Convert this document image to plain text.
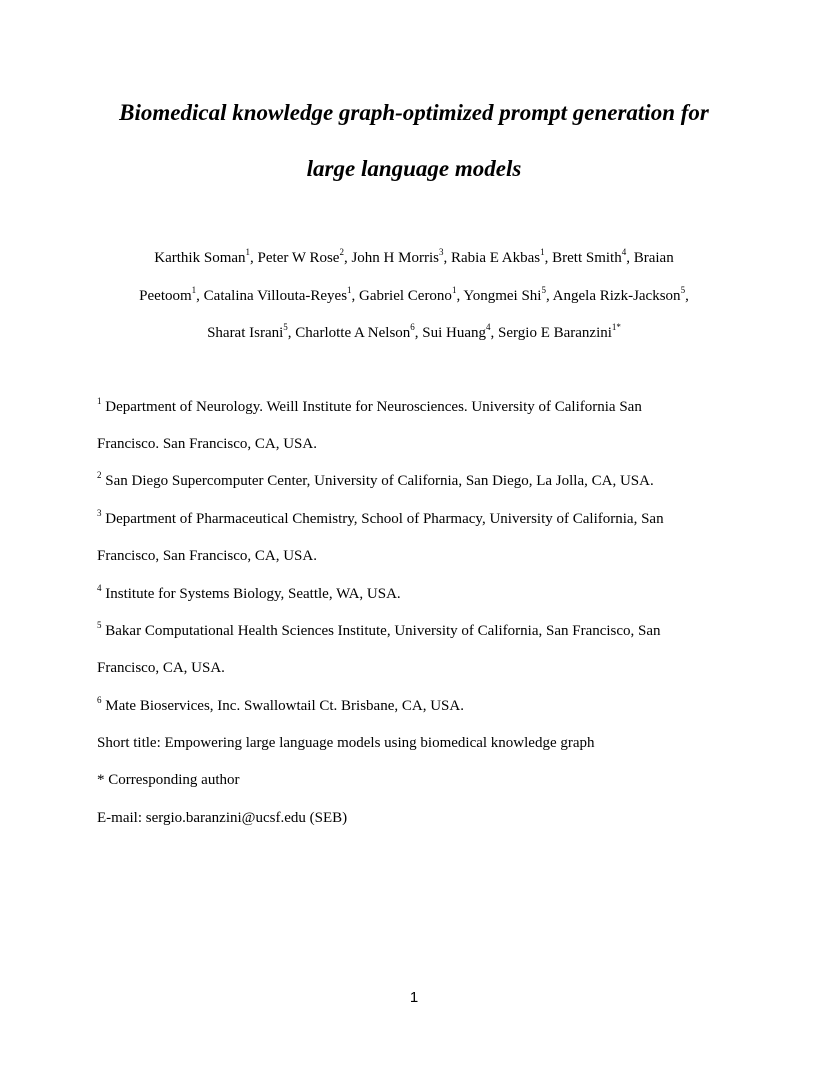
Biomedical knowledge graph-optimized prompt generation for
large language models
Karthik Soman$^1$, Peter W Rose$^2$, John H Morris$^3$, Rabia E Akbas$^1$, Brett Smith$^4$, Braian
Peetoom$^1$, Catalina Villouta-Reyes$^1$, Gabriel Cerono$^1$, Yongmei Shi$^5$, Angela Rizk-Jackson$^5$,
Sharat Israni$^5$, Charlotte A Nelson$^6$, Sui Huang$^4$, Sergio E Baranzini$^{1*}$
$^1$ Department of Neurology. Weill Institute for Neurosciences. University of California San
Francisco. San Francisco, CA, USA.
$^2$ San Diego Supercomputer Center, University of California, San Diego, La Jolla, CA, USA.
$^3$ Department of Pharmaceutical Chemistry, School of Pharmacy, University of California, San
Francisco, San Francisco, CA, USA.
$^4$ Institute for Systems Biology, Seattle, WA, USA.
$^5$ Bakar Computational Health Sciences Institute, University of California, San Francisco, San
Francisco, CA, USA.
$^6$ Mate Bioservices, Inc. Swallowtail Ct. Brisbane, CA, USA.
Short title: Empowering large language models using biomedical knowledge graph
* Corresponding author
E-mail: sergio.baranzini@ucsf.edu (SEB)
1
